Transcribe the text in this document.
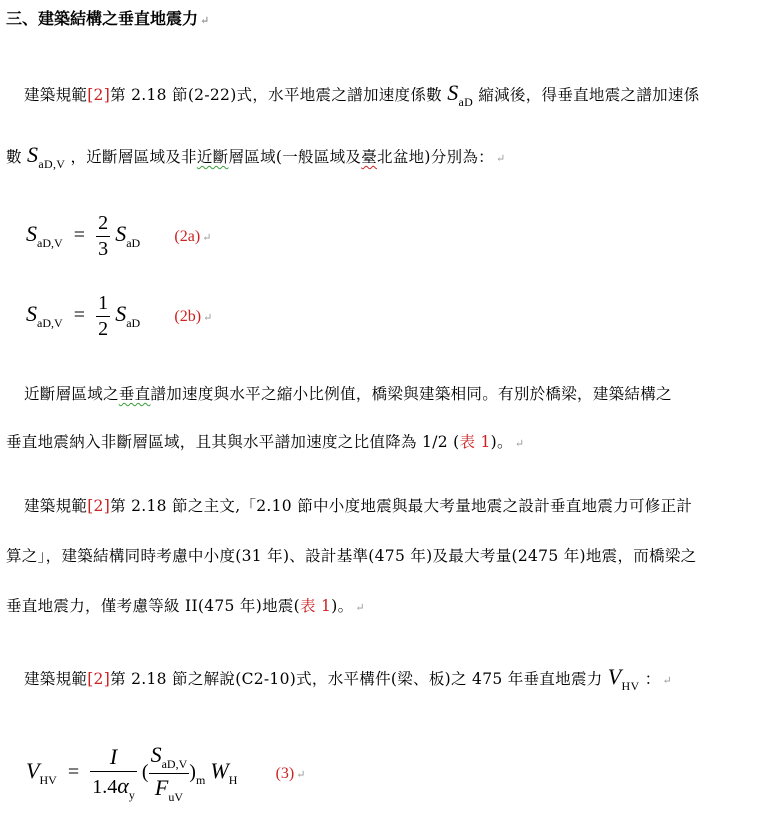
三、建築結構之垂直地震力 ↵
建築規範[2]第 2.18 節(2-22)式，水平地震之譜加速度係數 $S_{aD}$ 縮減後，得垂直地震之譜加速係
數 $S_{aD,V}$ ，近斷層區域及非近斷層區域(一般區域及臺北盆地)分別為： ↵
$S_{aD,V} = \frac{2}{3} S_{aD}$ (2a) ↵
$S_{aD,V} = \frac{1}{2} S_{aD}$ (2b) ↵
近斷層區域之垂直譜加速度與水平之縮小比例值，橋梁與建築相同。有別於橋梁，建築結構之
垂直地震納入非斷層區域，且其與水平譜加速度之比值降為 1/2 (表 1)。 ↵
建築規範[2]第 2.18 節之主文,「2.10 節中小度地震與最大考量地震之設計垂直地震力可修正計
算之」，建築結構同時考慮中小度(31 年)、設計基準(475 年)及最大考量(2475 年)地震，而橋梁之
垂直地震力，僅考慮等級 II(475 年)地震(表 1)。 ↵
建築規範[2]第 2.18 節之解說(C2-10)式，水平構件(梁、板)之 475 年垂直地震力 $V_{HV}$ ： ↵
$V_{HV} = \frac{I}{1.4\alpha_y}$ ( $\frac{S_{aD,V}}{F_{uV}} )_m$ $W_H$ (3) ↵
